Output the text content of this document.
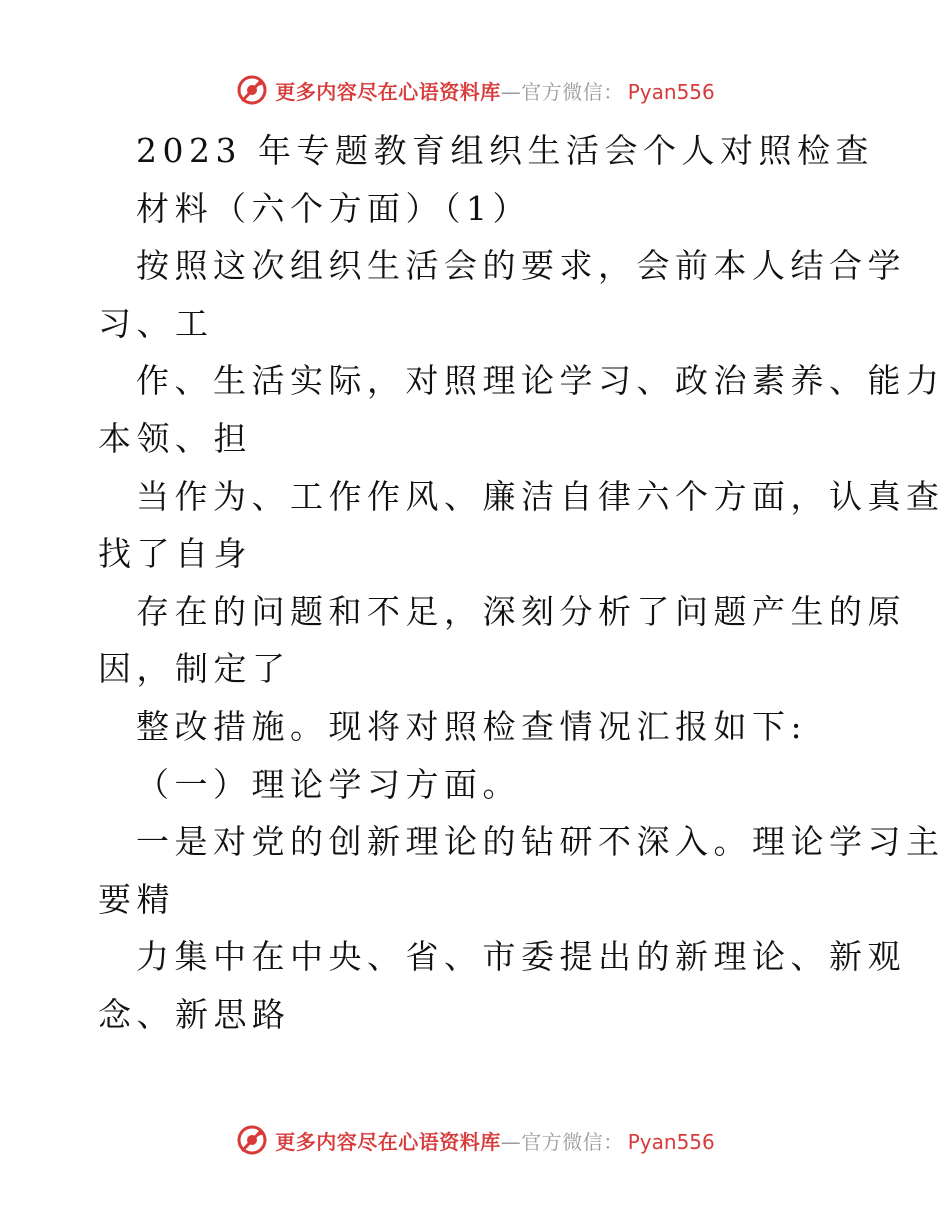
更多内容尽在心语资料库 —官方微信： Pyan556
2023 年专题教育组织生活会个人对照检查
材料（六个方面）（1）
按照这次组织生活会的要求，会前本人结合学
习、工
作、生活实际，对照理论学习、政治素养、能力
本领、担
当作为、工作作风、廉洁自律六个方面，认真查
找了自身
存在的问题和不足，深刻分析了问题产生的原
因，制定了
整改措施。现将对照检查情况汇报如下:
（一）理论学习方面。
一是对党的创新理论的钻研不深入。理论学习主
要精
力集中在中央、省、市委提出的新理论、新观
念、新思路
更多内容尽在心语资料库 —官方微信： Pyan556
